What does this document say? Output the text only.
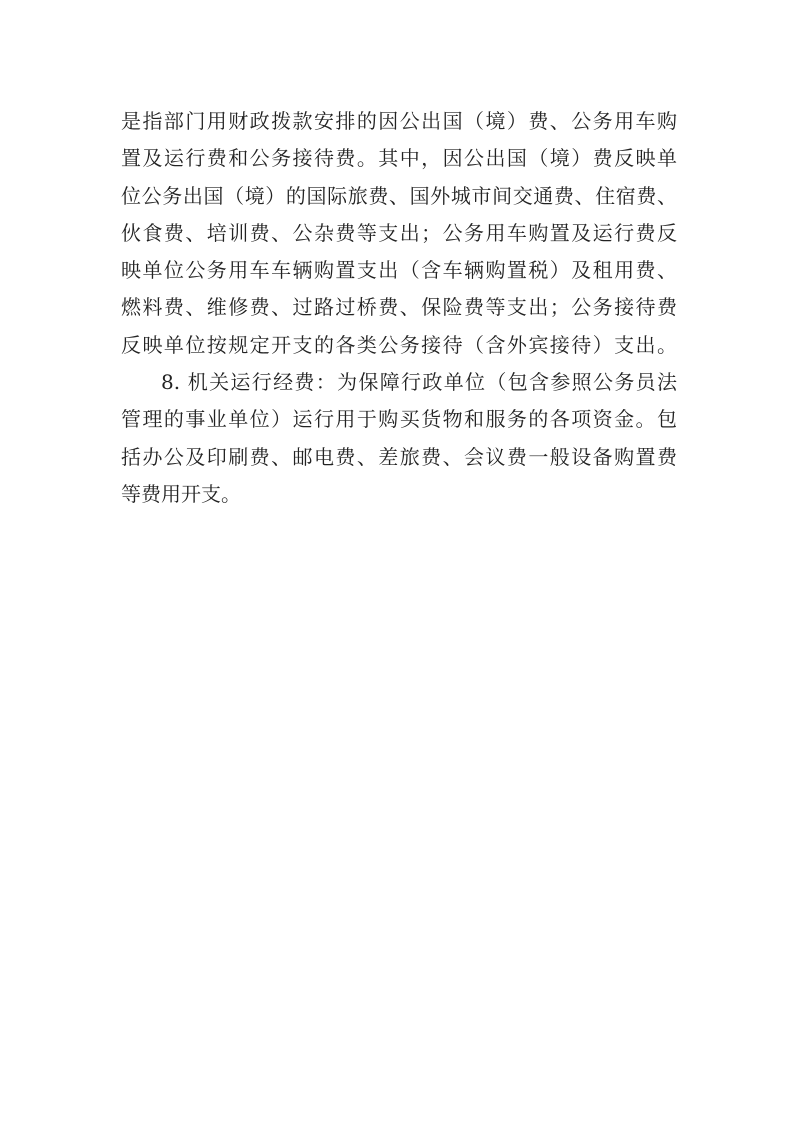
是指部门用财政拨款安排的因公出国（境）费、公务用车购
置及运行费和公务接待费。其中，因公出国（境）费反映单
位公务出国（境）的国际旅费、国外城市间交通费、住宿费、
伙食费、培训费、公杂费等支出；公务用车购置及运行费反
映单位公务用车车辆购置支出（含车辆购置税）及租用费、
燃料费、维修费、过路过桥费、保险费等支出；公务接待费
反映单位按规定开支的各类公务接待（含外宾接待）支出。
8. 机关运行经费：为保障行政单位（包含参照公务员法
管理的事业单位）运行用于购买货物和服务的各项资金。包
括办公及印刷费、邮电费、差旅费、会议费一般设备购置费
等费用开支。
